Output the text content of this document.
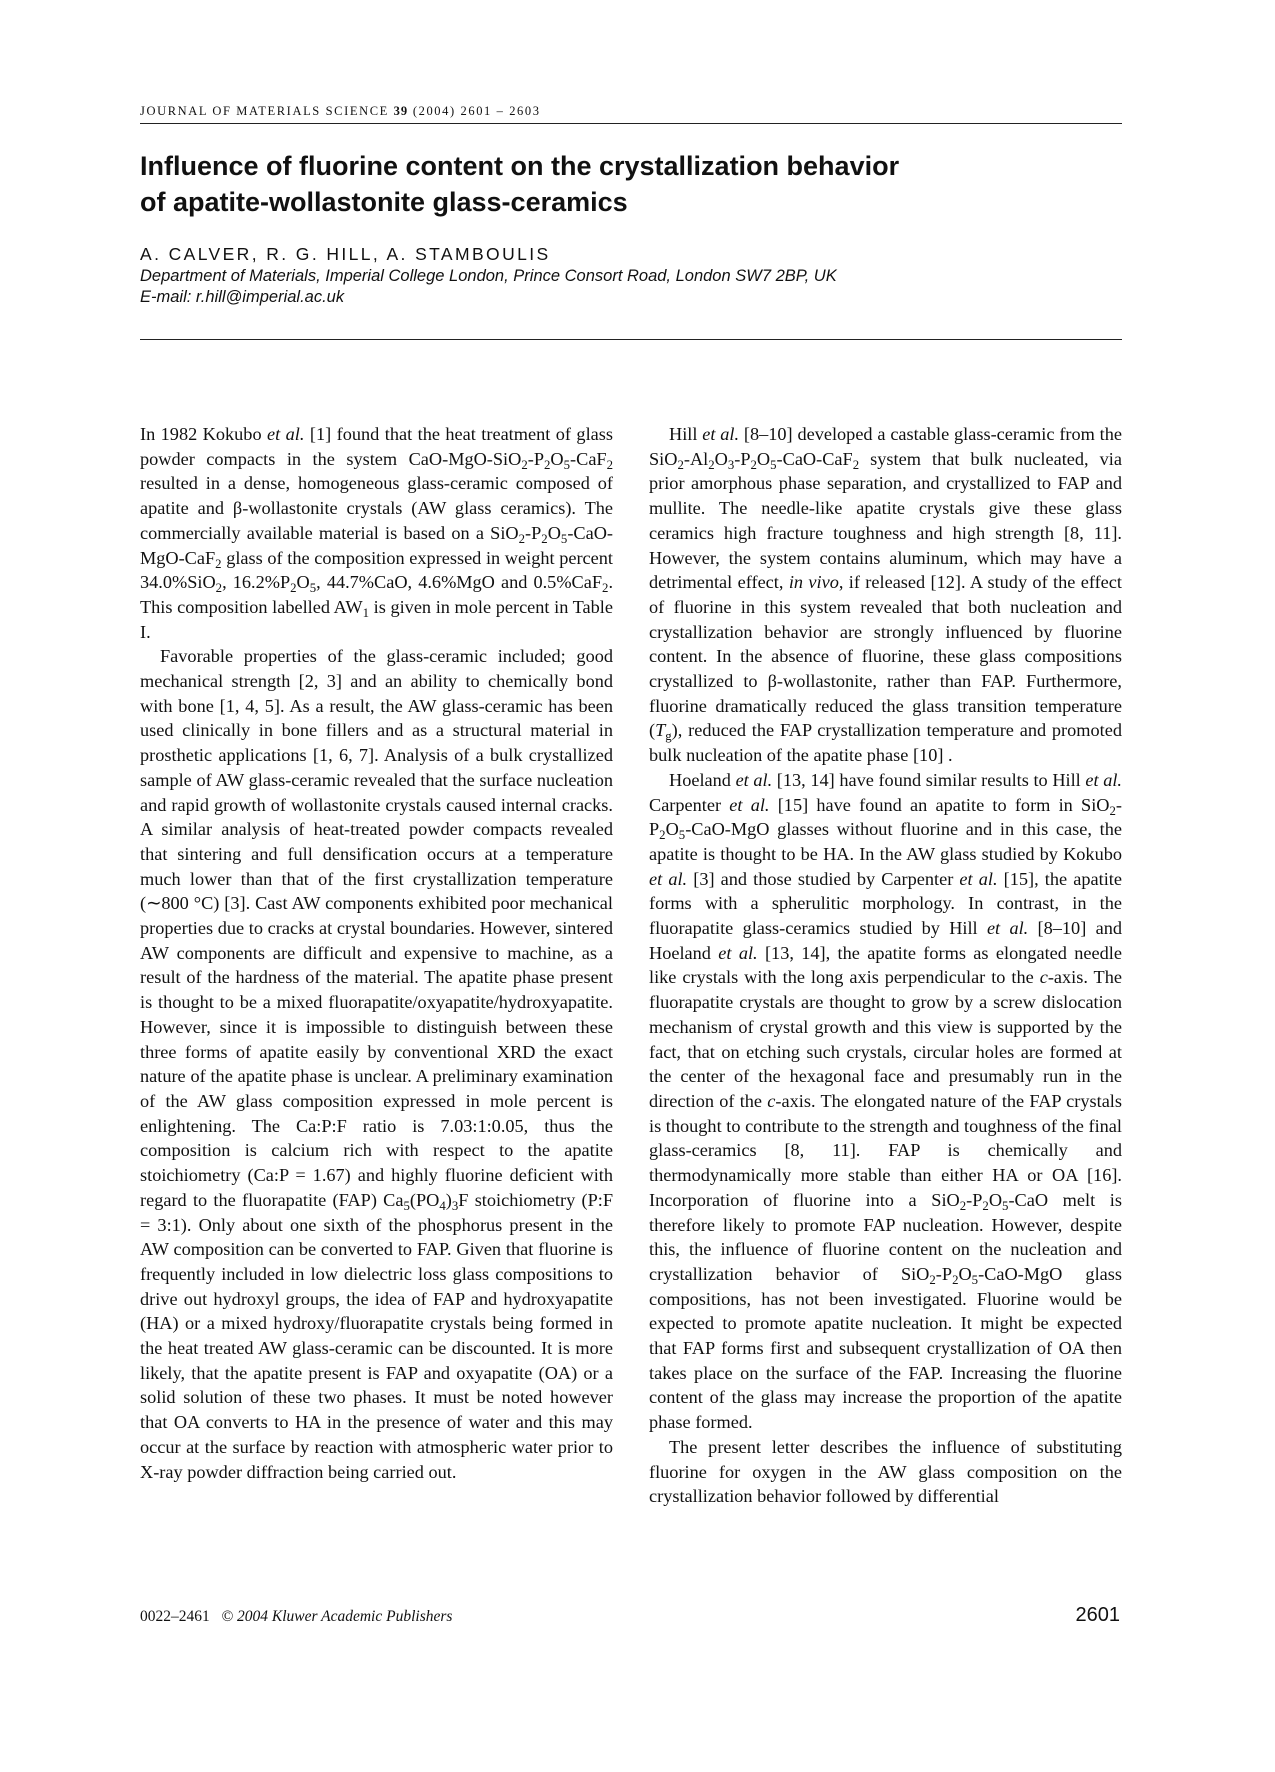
JOURNAL OF MATERIALS SCIENCE 39 (2004) 2601 – 2603
Influence of fluorine content on the crystallization behavior
of apatite-wollastonite glass-ceramics
A. CALVER, R. G. HILL, A. STAMBOULIS
Department of Materials, Imperial College London, Prince Consort Road, London SW7 2BP, UK
E-mail: r.hill@imperial.ac.uk

In 1982 Kokubo et al. [1] found that the heat treatment of glass powder compacts in the system CaO-$MgO-SiO_2-P_2O_5-CaF_2$ resulted in a dense, homogeneous glass-ceramic composed of apatite and β-wollastonite crystals (AW glass ceramics). The commercially available material is based on a $SiO_2-P_2O_5-CaO-MgO-CaF_2$ glass of the composition expressed in weight percent 34.0%SiO$_2$, $16.2\%P_2O_5$, 44.7%CaO, 4.6%MgO and 0.5%CaF$_2$. This composition labelled $AW_1$ is given in mole percent in Table I.

Favorable properties of the glass-ceramic included; good mechanical strength [2, 3] and an ability to chemically bond with bone [1, 4, 5]. As a result, the AW glass-ceramic has been used clinically in bone fillers and as a structural material in prosthetic applications [1, 6, 7]. Analysis of a bulk crystallized sample of AW glass-ceramic revealed that the surface nucleation and rapid growth of wollastonite crystals caused internal cracks. A similar analysis of heat-treated powder compacts revealed that sintering and full densification occurs at a temperature much lower than that of the first crystallization temperature (∼800 °C) [3]. Cast AW components exhibited poor mechanical properties due to cracks at crystal boundaries. However, sintered AW components are difficult and expensive to machine, as a result of the hardness of the material. The apatite phase present is thought to be a mixed fluorapatite/oxyapatite/hydroxyapatite. However, since it is impossible to distinguish between these three forms of apatite easily by conventional XRD the exact nature of the apatite phase is unclear. A preliminary examination of the AW glass composition expressed in mole percent is enlightening. The Ca:P:F ratio is 7.03:1:0.05, thus the composition is calcium rich with respect to the apatite stoichiometry (Ca:P = 1.67) and highly fluorine deficient with regard to the fluorapatite (FAP) $Ca_5(PO_4)_3F$ stoichiometry (P:F = 3:1). Only about one sixth of the phosphorus present in the AW composition can be converted to FAP. Given that fluorine is frequently included in low dielectric loss glass compositions to drive out hydroxyl groups, the idea of FAP and hydroxyapatite (HA) or a mixed hydroxy/fluorapatite crystals being formed in the heat treated AW glass-ceramic can be discounted. It is more likely, that the apatite present is FAP and oxyapatite (OA) or a solid solution of these two phases. It must be noted however that OA converts to HA in the presence of water and this may occur at the surface by reaction with atmospheric water prior to X-ray powder diffraction being carried out.

Hill et al. [8–10] developed a castable glass-ceramic from the $SiO_2-Al_2O_3-P_2O_5-CaO-CaF_2$ system that bulk nucleated, via prior amorphous phase separation, and crystallized to FAP and mullite. The needle-like apatite crystals give these glass ceramics high fracture toughness and high strength [8, 11]. However, the system contains aluminum, which may have a detrimental effect, in vivo, if released [12]. A study of the effect of fluorine in this system revealed that both nucleation and crystallization behavior are strongly influenced by fluorine content. In the absence of fluorine, these glass compositions crystallized to β-wollastonite, rather than FAP. Furthermore, fluorine dramatically reduced the glass transition temperature $(T_g)$, reduced the FAP crystallization temperature and promoted bulk nucleation of the apatite phase [10] .

Hoeland et al. [13, 14] have found similar results to Hill et al. Carpenter et al. [15] have found an apatite to form in $SiO_2-P_2O_5-CaO$-MgO glasses without fluorine and in this case, the apatite is thought to be HA. In the AW glass studied by Kokubo et al. [3] and those studied by Carpenter et al. [15], the apatite forms with a spherulitic morphology. In contrast, in the fluorapatite glass-ceramics studied by Hill et al. [8–10] and Hoeland et al. [13, 14], the apatite forms as elongated needle like crystals with the long axis perpendicular to the c-axis. The fluorapatite crystals are thought to grow by a screw dislocation mechanism of crystal growth and this view is supported by the fact, that on etching such crystals, circular holes are formed at the center of the hexagonal face and presumably run in the direction of the c-axis. The elongated nature of the FAP crystals is thought to contribute to the strength and toughness of the final glass-ceramics [8, 11]. FAP is chemically and thermodynamically more stable than either HA or OA [16]. Incorporation of fluorine into a $SiO_2-P_2O_5$-CaO melt is therefore likely to promote FAP nucleation. However, despite this, the influence of fluorine content on the nucleation and crystallization behavior of $SiO_2-P_2O_5-CaO$-MgO glass compositions, has not been investigated. Fluorine would be expected to promote apatite nucleation. It might be expected that FAP forms first and subsequent crystallization of OA then takes place on the surface of the FAP. Increasing the fluorine content of the glass may increase the proportion of the apatite phase formed.

The present letter describes the influence of substituting fluorine for oxygen in the AW glass composition on the crystallization behavior followed by differential

0022–2461 © 2004 Kluwer Academic Publishers	2601
